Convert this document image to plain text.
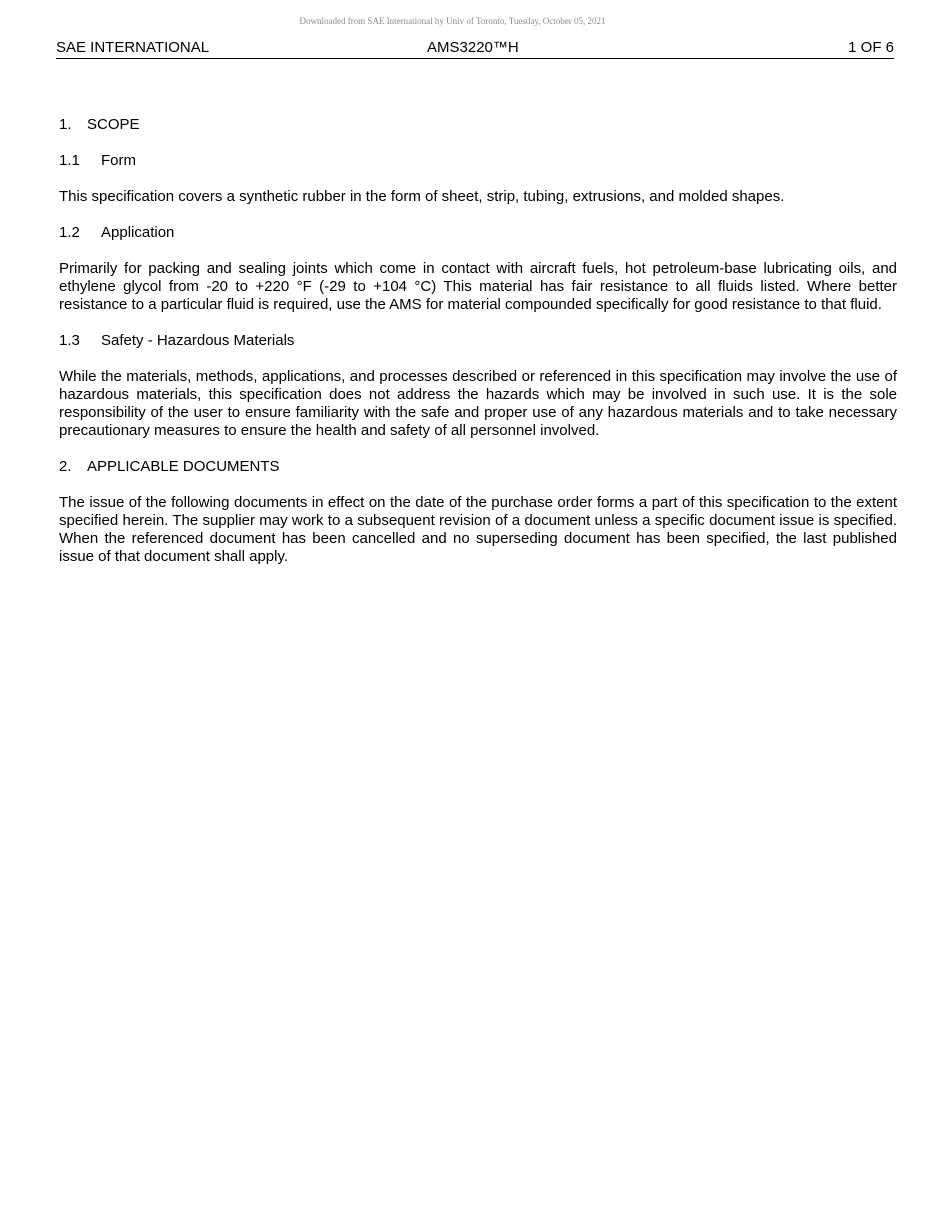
Downloaded from SAE International by Univ of Toronto, Tuesday, October 05, 2021
SAE INTERNATIONAL	AMS3220™H	1 OF 6
1. SCOPE
1.1 Form

This specification covers a synthetic rubber in the form of sheet, strip, tubing, extrusions, and molded shapes.

1.2 Application

Primarily for packing and sealing joints which come in contact with aircraft fuels, hot petroleum-base lubricating oils, and ethylene glycol from -20 to +220 °F (-29 to +104 °C) This material has fair resistance to all fluids listed. Where better resistance to a particular fluid is required, use the AMS for material compounded specifically for good resistance to that fluid.

1.3 Safety - Hazardous Materials

While the materials, methods, applications, and processes described or referenced in this specification may involve the use of hazardous materials, this specification does not address the hazards which may be involved in such use. It is the sole responsibility of the user to ensure familiarity with the safe and proper use of any hazardous materials and to take necessary precautionary measures to ensure the health and safety of all personnel involved.

2. APPLICABLE DOCUMENTS

The issue of the following documents in effect on the date of the purchase order forms a part of this specification to the extent specified herein. The supplier may work to a subsequent revision of a document unless a specific document issue is specified. When the referenced document has been cancelled and no superseding document has been specified, the last published issue of that document shall apply.
